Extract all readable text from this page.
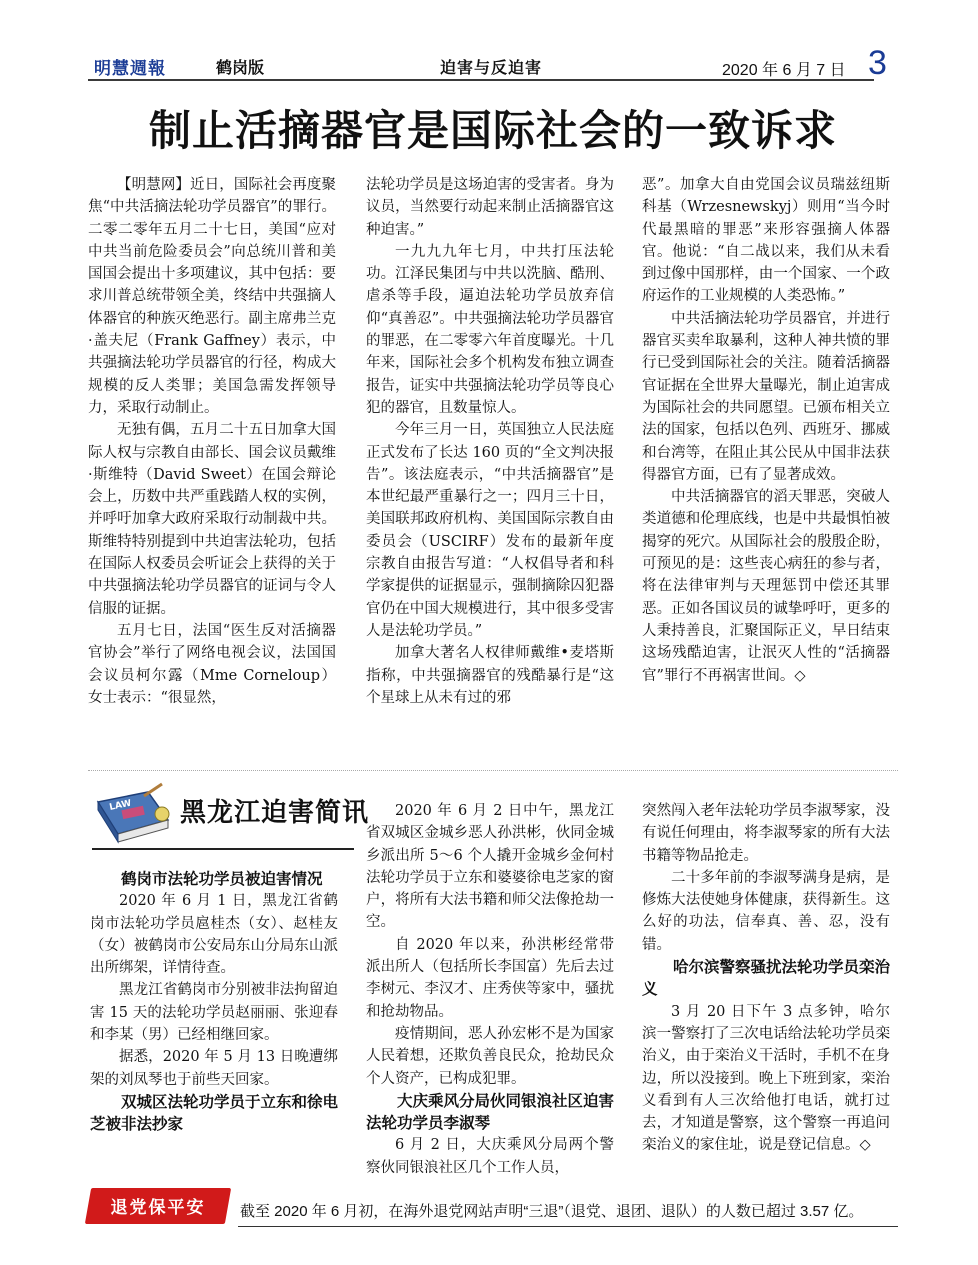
明慧週報	鹤岗版	迫害与反迫害	2020 年 6 月 7 日 3
制止活摘器官是国际社会的一致诉求

【明慧网】近日，国际社会再度聚焦“中共活摘法轮功学员器官”的罪行。二零二零年五月二十七日，美国“应对中共当前危险委员会”向总统川普和美国国会提出十多项建议，其中包括：要求川普总统带领全美，终结中共强摘人体器官的种族灭绝恶行。副主席弗兰克·盖夫尼（Frank Gaffney）表示，中共强摘法轮功学员器官的行径，构成大规模的反人类罪；美国急需发挥领导力，采取行动制止。

无独有偶，五月二十五日加拿大国际人权与宗教自由部长、国会议员戴维·斯维特（David Sweet）在国会辩论会上，历数中共严重践踏人权的实例，并呼吁加拿大政府采取行动制裁中共。斯维特特别提到中共迫害法轮功，包括在国际人权委员会听证会上获得的关于中共强摘法轮功学员器官的证词与令人信服的证据。

五月七日，法国“医生反对活摘器官协会”举行了网络电视会议，法国国会议员柯尔露（Mme Corneloup）女士表示：“很显然，

法轮功学员是这场迫害的受害者。身为议员，当然要行动起来制止活摘器官这种迫害。”

一九九九年七月，中共打压法轮功。江泽民集团与中共以洗脑、酷刑、虐杀等手段，逼迫法轮功学员放弃信仰“真善忍”。中共强摘法轮功学员器官的罪恶，在二零零六年首度曝光。十几年来，国际社会多个机构发布独立调查报告，证实中共强摘法轮功学员等良心犯的器官，且数量惊人。

今年三月一日，英国独立人民法庭正式发布了长达 160 页的“全文判决报告”。该法庭表示，“中共活摘器官”是本世纪最严重暴行之一；四月三十日，美国联邦政府机构、美国国际宗教自由委员会（USCIRF）发布的最新年度宗教自由报告写道：“人权倡导者和科学家提供的证据显示，强制摘除囚犯器官仍在中国大规模进行，其中很多受害人是法轮功学员。”

加拿大著名人权律师戴维•麦塔斯指称，中共强摘器官的残酷暴行是“这个星球上从未有过的邪

恶”。加拿大自由党国会议员瑞兹纽斯科基（Wrzesnewskyj）则用“当今时代最黑暗的罪恶”来形容强摘人体器官。他说：“自二战以来，我们从未看到过像中国那样，由一个国家、一个政府运作的工业规模的人类恐怖。”

中共活摘法轮功学员器官，并进行器官买卖牟取暴利，这种人神共愤的罪行已受到国际社会的关注。随着活摘器官证据在全世界大量曝光，制止迫害成为国际社会的共同愿望。已颁布相关立法的国家，包括以色列、西班牙、挪威和台湾等，在阻止其公民从中国非法获得器官方面，已有了显著成效。

中共活摘器官的滔天罪恶，突破人类道德和伦理底线，也是中共最惧怕被揭穿的死穴。从国际社会的殷殷企盼，可预见的是：这些丧心病狂的参与者，将在法律审判与天理惩罚中偿还其罪恶。正如各国议员的诚挚呼吁，更多的人秉持善良，汇聚国际正义，早日结束这场残酷迫害，让泯灭人性的“活摘器官”罪行不再祸害世间。◇

LAW 黑龙江迫害简讯

鹤岗市法轮功学员被迫害情况

2020 年 6 月 1 日，黑龙江省鹤岗市法轮功学员扈桂杰（女）、赵桂友（女）被鹤岗市公安局东山分局东山派出所绑架，详情待查。

黑龙江省鹤岗市分别被非法拘留迫害 15 天的法轮功学员赵丽丽、张迎春和李某（男）已经相继回家。

据悉，2020 年 5 月 13 日晚遭绑架的刘凤琴也于前些天回家。

双城区法轮功学员于立东和徐电芝被非法抄家

2020 年 6 月 2 日中午，黑龙江省双城区金城乡恶人孙洪彬，伙同金城乡派出所 5～6 个人撬开金城乡金何村法轮功学员于立东和婆婆徐电芝家的窗户，将所有大法书籍和师父法像抢劫一空。

自 2020 年以来，孙洪彬经常带派出所人（包括所长李国富）先后去过李树元、李汉才、庄秀侠等家中，骚扰和抢劫物品。

疫情期间，恶人孙宏彬不是为国家人民着想，还欺负善良民众，抢劫民众个人资产，已构成犯罪。

大庆乘风分局伙同银浪社区迫害法轮功学员李淑琴

6 月 2 日，大庆乘风分局两个警察伙同银浪社区几个工作人员，

突然闯入老年法轮功学员李淑琴家，没有说任何理由，将李淑琴家的所有大法书籍等物品抢走。

二十多年前的李淑琴满身是病，是修炼大法使她身体健康，获得新生。这么好的功法，信奉真、善、忍，没有错。

哈尔滨警察骚扰法轮功学员栾治义

3 月 20 日下午 3 点多钟，哈尔滨一警察打了三次电话给法轮功学员栾治义，由于栾治义干活时，手机不在身边，所以没接到。晚上下班到家，栾治义看到有人三次给他打电话，就打过去，才知道是警察，这个警察一再追问栾治义的家住址，说是登记信息。◇

退党保平安	截至 2020 年 6 月初，在海外退党网站声明“三退”（退党、退团、退队）的人数已超过 3.57 亿。
